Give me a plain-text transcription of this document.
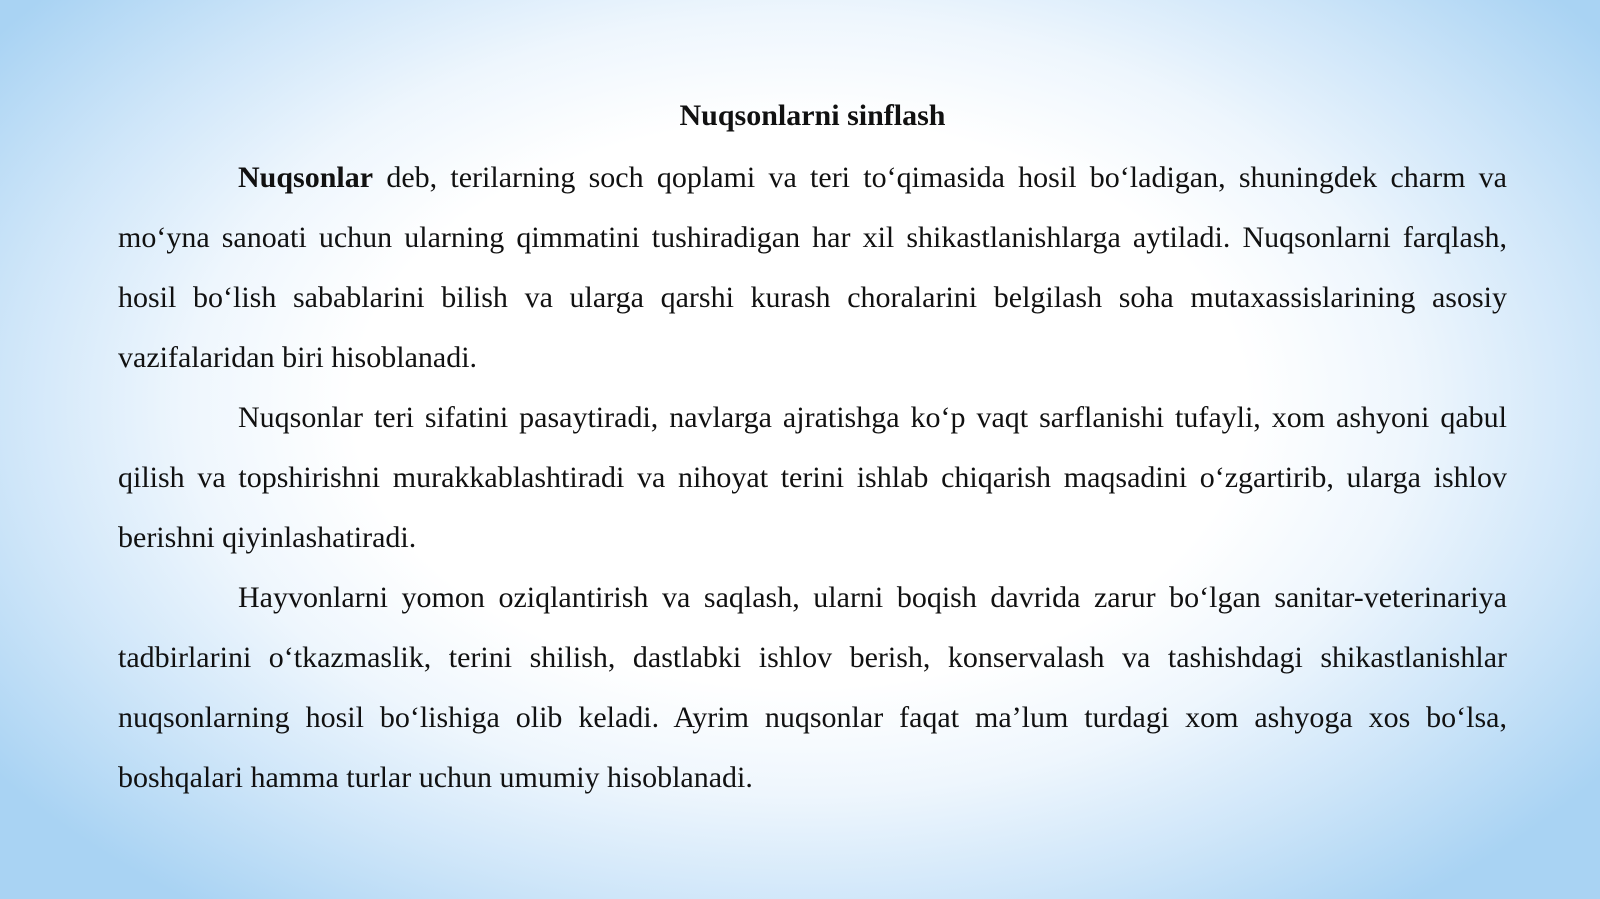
Nuqsonlarni sinflash

Nuqsonlar deb, terilarning soch qoplami va teri to‘qimasida hosil bo‘ladigan, shuningdek charm va mo‘yna sanoati uchun ularning qimmatini tushiradigan har xil shikastlanishlarga aytiladi. Nuqsonlarni farqlash, hosil bo‘lish sabablarini bilish va ularga qarshi kurash choralarini belgilash soha mutaxassislarining asosiy vazifalaridan biri hisoblanadi.

Nuqsonlar teri sifatini pasaytiradi, navlarga ajratishga ko‘p vaqt sarflanishi tufayli, xom ashyoni qabul qilish va topshirishni murakkablashtiradi va nihoyat terini ishlab chiqarish maqsadini o‘zgartirib, ularga ishlov berishni qiyinlashatiradi.

Hayvonlarni yomon oziqlantirish va saqlash, ularni boqish davrida zarur bo‘lgan sanitar-veterinariya tadbirlarini o‘tkazmaslik, terini shilish, dastlabki ishlov berish, konservalash va tashishdagi shikastlanishlar nuqsonlarning hosil bo‘lishiga olib keladi. Ayrim nuqsonlar faqat ma’lum turdagi xom ashyoga xos bo‘lsa, boshqalari hamma turlar uchun umumiy hisoblanadi.
